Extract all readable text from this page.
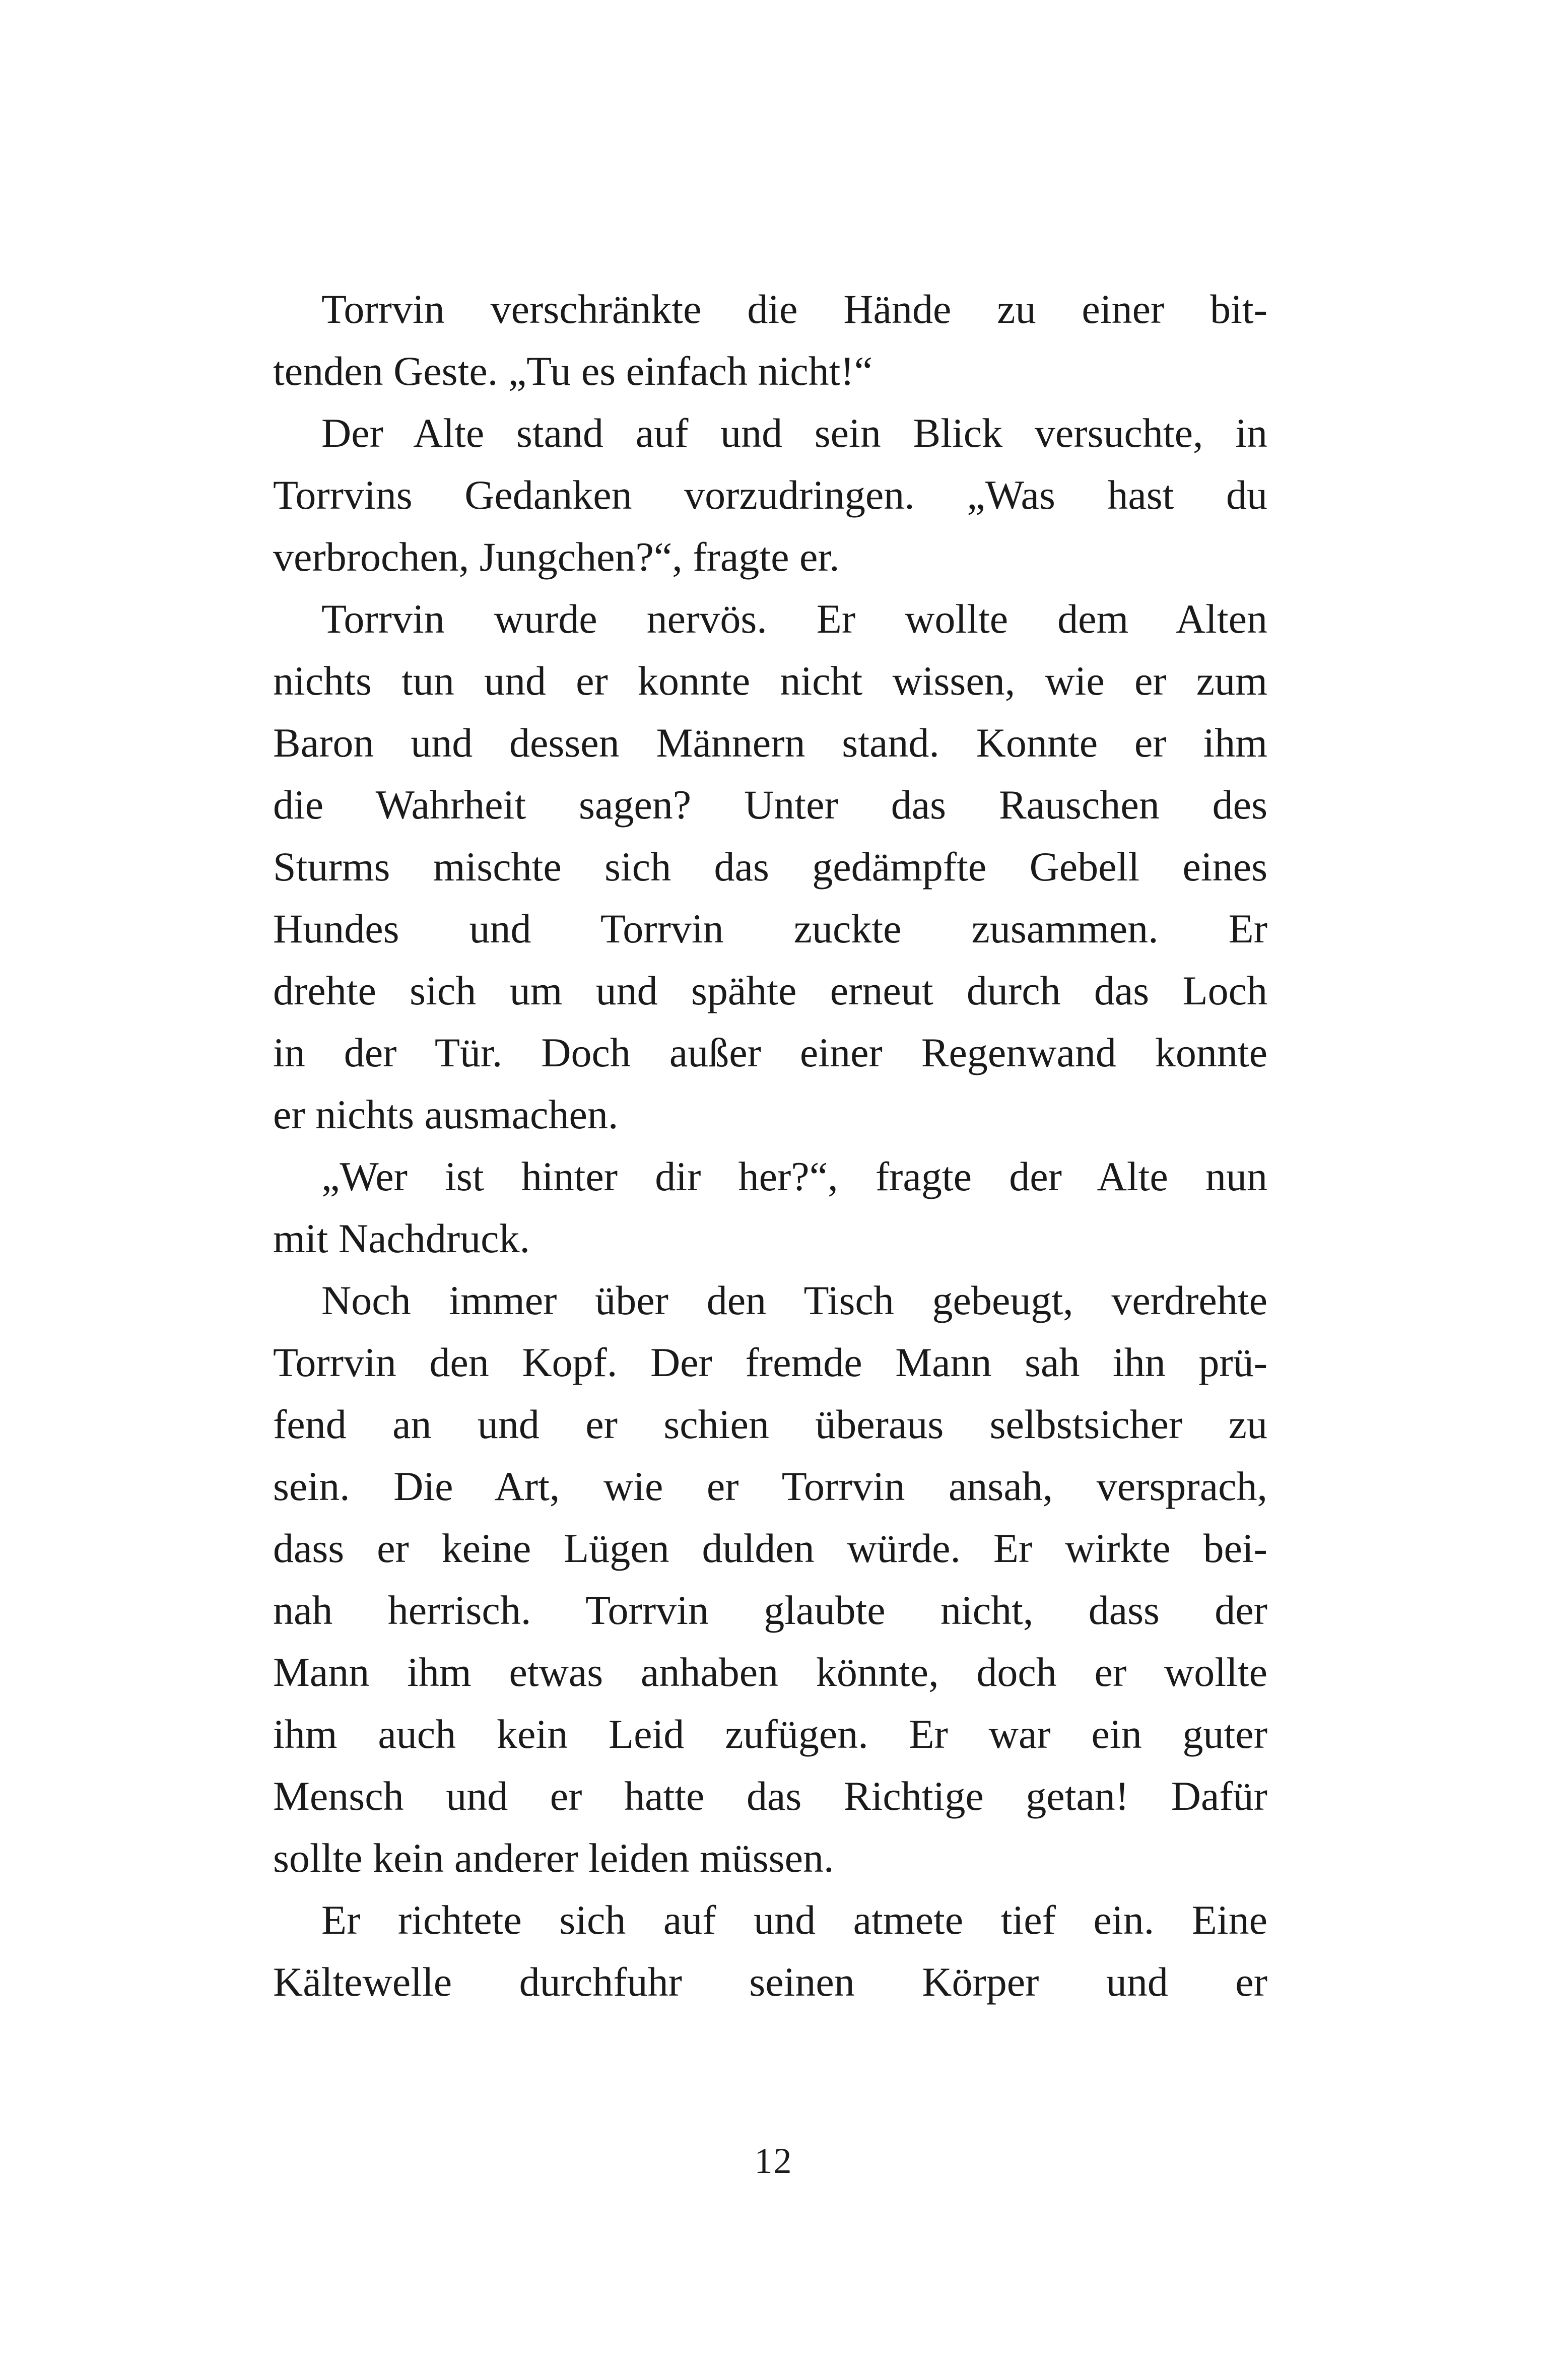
Torrvin verschränkte die Hände zu einer bit-
tenden Geste. „Tu es einfach nicht!“
Der Alte stand auf und sein Blick versuchte, in
Torrvins Gedanken vorzudringen. „Was hast du
verbrochen, Jungchen?“, fragte er.
Torrvin wurde nervös. Er wollte dem Alten
nichts tun und er konnte nicht wissen, wie er zum
Baron und dessen Männern stand. Konnte er ihm
die Wahrheit sagen? Unter das Rauschen des
Sturms mischte sich das gedämpfte Gebell eines
Hundes und Torrvin zuckte zusammen. Er
drehte sich um und spähte erneut durch das Loch
in der Tür. Doch außer einer Regenwand konnte
er nichts ausmachen.
„Wer ist hinter dir her?“, fragte der Alte nun
mit Nachdruck.
Noch immer über den Tisch gebeugt, verdrehte
Torrvin den Kopf. Der fremde Mann sah ihn prü-
fend an und er schien überaus selbstsicher zu
sein. Die Art, wie er Torrvin ansah, versprach,
dass er keine Lügen dulden würde. Er wirkte bei-
nah herrisch. Torrvin glaubte nicht, dass der
Mann ihm etwas anhaben könnte, doch er wollte
ihm auch kein Leid zufügen. Er war ein guter
Mensch und er hatte das Richtige getan! Dafür
sollte kein anderer leiden müssen.
Er richtete sich auf und atmete tief ein. Eine
Kältewelle durchfuhr seinen Körper und er
12
